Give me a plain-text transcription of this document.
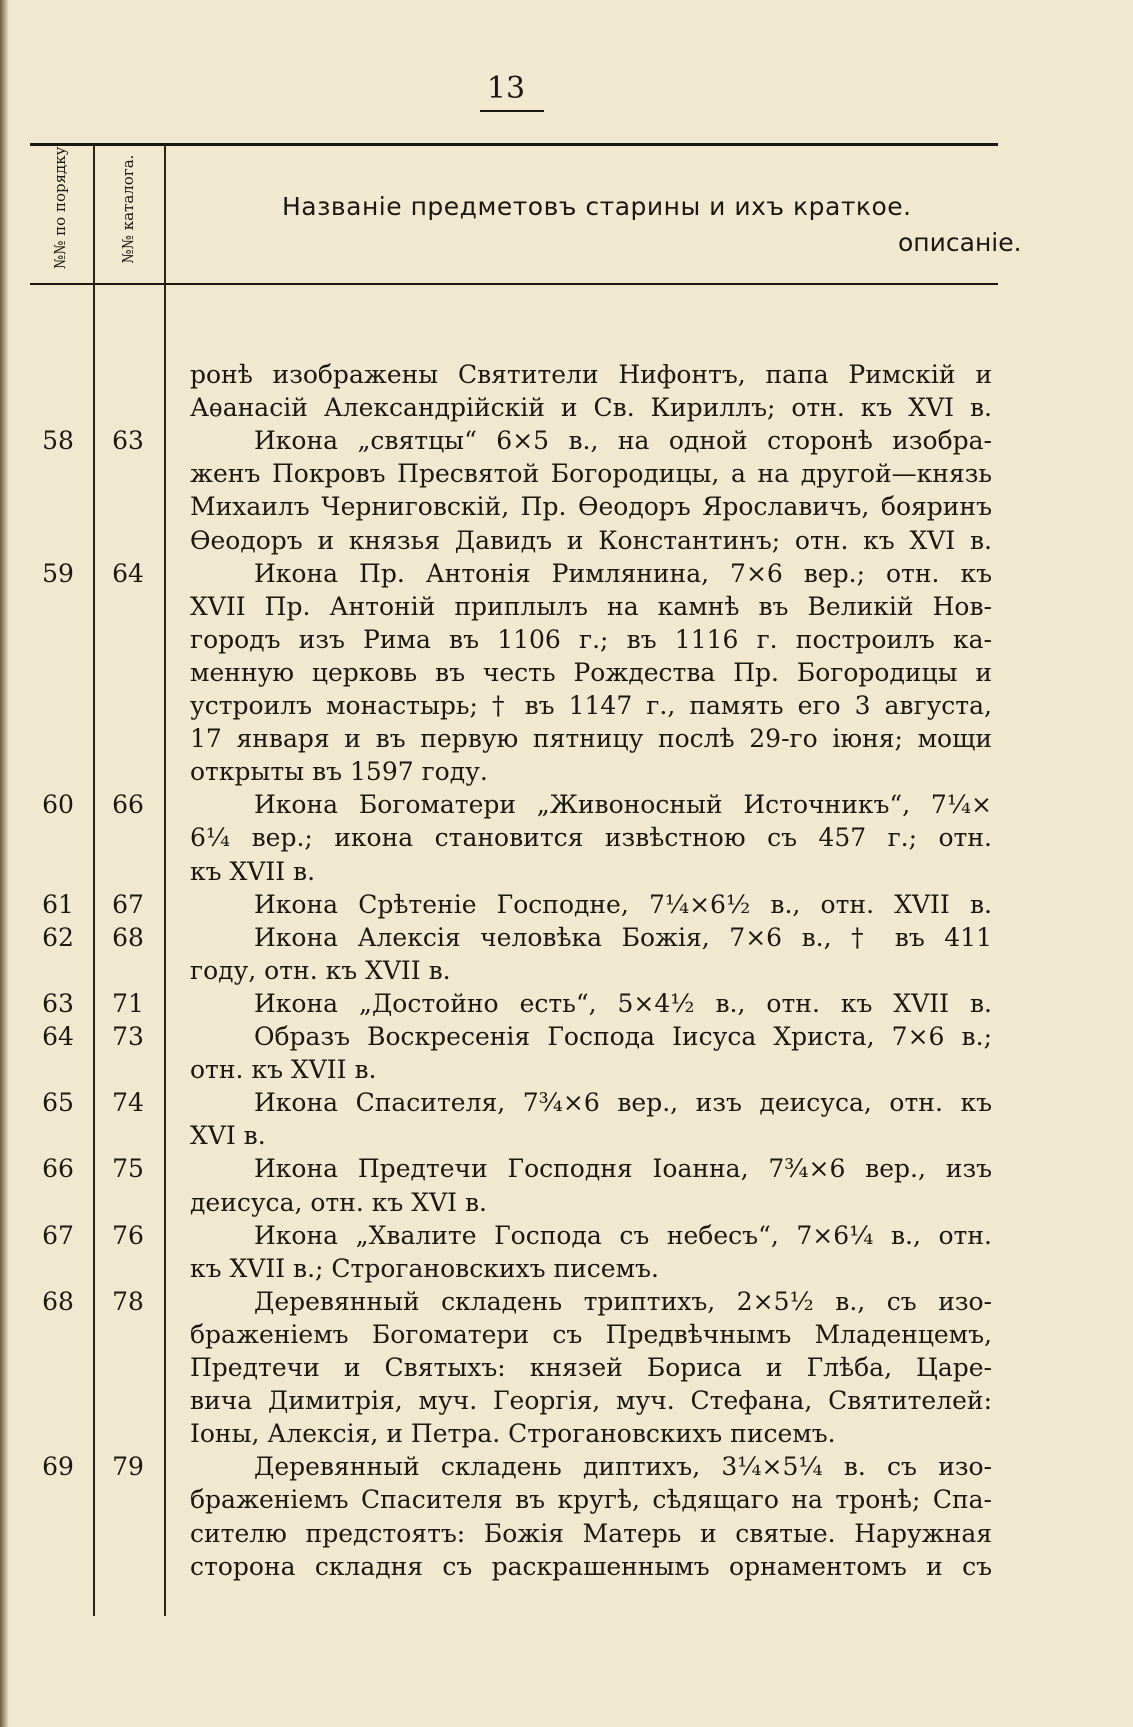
13
№№ по порядку.	№№ каталога.	Названіе предметовъ старины и ихъ краткое.
описаніе.
ронѣ изображены Святители Нифонтъ, папа Римскій и
Аѳанасій Александрійскій и Св. Кириллъ; отн. къ XVI в.
58	63	Икона „святцы“ 6×5 в., на одной сторонѣ изобра-
женъ Покровъ Пресвятой Богородицы, а на другой—князь
Михаилъ Черниговскій, Пр. Ѳеодоръ Ярославичъ, бояринъ
Ѳеодоръ и князья Давидъ и Константинъ; отн. къ XVI в.
59	64	Икона Пр. Антонія Римлянина, 7×6 вер.; отн. къ
XVII Пр. Антоній приплылъ на камнѣ въ Великій Нов-
городъ изъ Рима въ 1106 г.; въ 1116 г. построилъ ка-
менную церковь въ честь Рождества Пр. Богородицы и
устроилъ монастырь; † въ 1147 г., память его 3 августа,
17 января и въ первую пятницу послѣ 29-го іюня; мощи
открыты въ 1597 году.
60	66	Икона Богоматери „Живоносный Источникъ“, 7¼×
6¼ вер.; икона становится извѣстною съ 457 г.; отн.
къ XVII в.
61	67	Икона Срѣтеніе Господне, 7¼×6½ в., отн. XVII в.
62	68	Икона Алексія человѣка Божія, 7×6 в., † въ 411
году, отн. къ XVII в.
63	71	Икона „Достойно есть“, 5×4½ в., отн. къ XVII в.
64	73	Образъ Воскресенія Господа Іисуса Христа, 7×6 в.;
отн. къ XVII в.
65	74	Икона Спасителя, 7¾×6 вер., изъ деисуса, отн. къ
XVI в.
66	75	Икона Предтечи Господня Іоанна, 7¾×6 вер., изъ
деисуса, отн. къ XVI в.
67	76	Икона „Хвалите Господа съ небесъ“, 7×6¼ в., отн.
къ XVII в.; Строгановскихъ писемъ.
68	78	Деревянный складень триптихъ, 2×5½ в., съ изо-
браженіемъ Богоматери съ Предвѣчнымъ Младенцемъ,
Предтечи и Святыхъ: князей Бориса и Глѣба, Царе-
вича Димитрія, муч. Георгія, муч. Стефана, Святителей:
Іоны, Алексія, и Петра. Строгановскихъ писемъ.
69	79	Деревянный складень диптихъ, 3¼×5¼ в. съ изо-
браженіемъ Спасителя въ кругѣ, сѣдящаго на тронѣ; Спа-
сителю предстоятъ: Божія Матерь и святые. Наружная
сторона складня съ раскрашеннымъ орнаментомъ и съ
